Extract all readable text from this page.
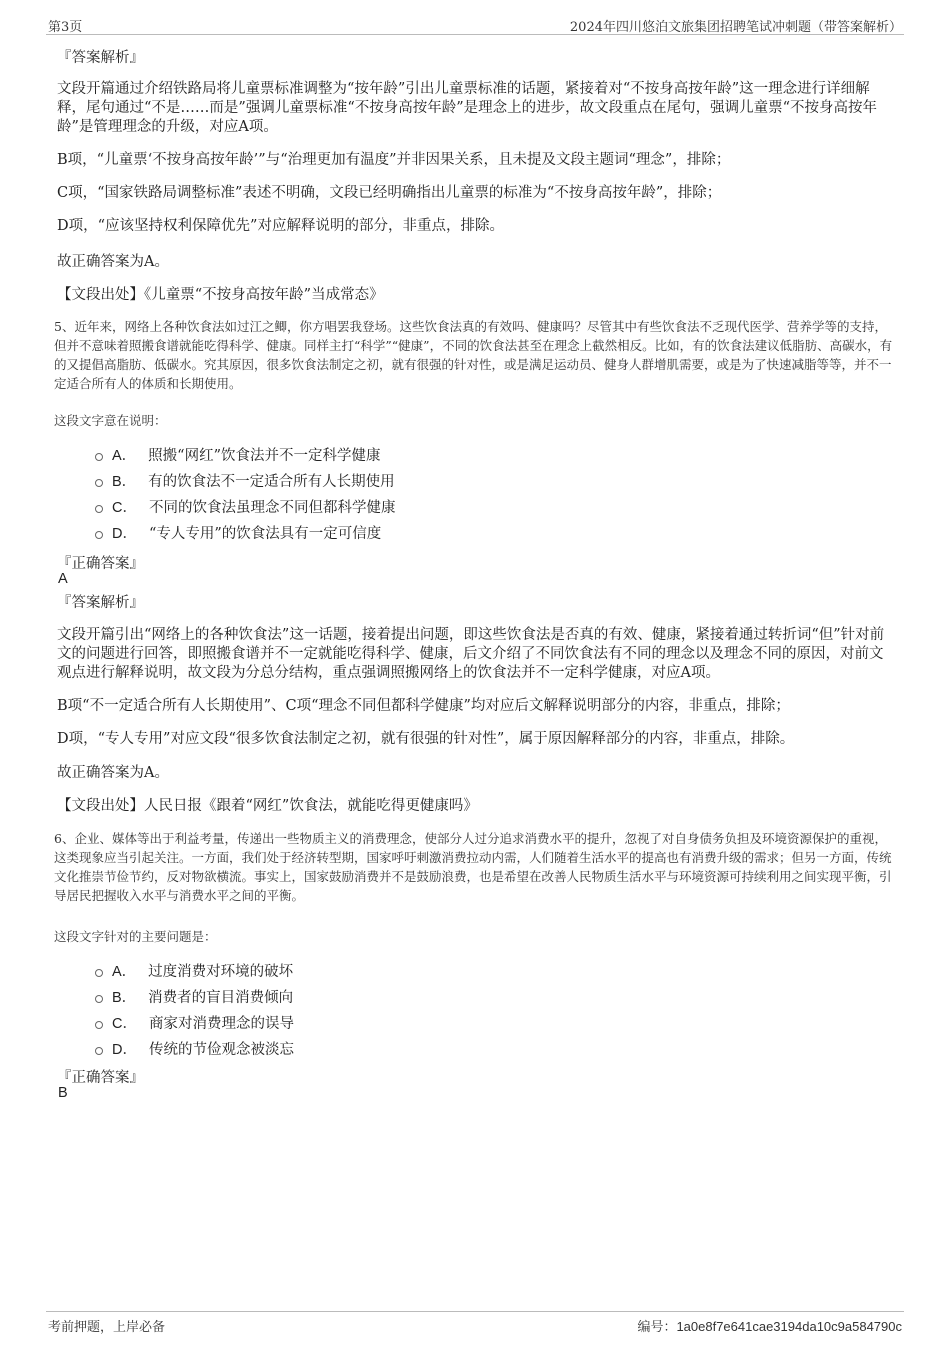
第3页	2024年四川悠泊文旅集团招聘笔试冲刺题（带答案解析）
『答案解析』
文段开篇通过介绍铁路局将儿童票标准调整为“按年龄”引出儿童票标准的话题，紧接着对“不按身高按年龄”这一理念进行详细解释，尾句通过“不是……而是”强调儿童票标准“不按身高按年龄”是理念上的进步，故文段重点在尾句，强调儿童票“不按身高按年龄”是管理理念的升级，对应A项。
B项，“儿童票‘不按身高按年龄’”与“治理更加有温度”并非因果关系，且未提及文段主题词“理念”，排除；
C项，“国家铁路局调整标准”表述不明确，文段已经明确指出儿童票的标准为“不按身高按年龄”，排除；
D项，“应该坚持权利保障优先”对应解释说明的部分，非重点，排除。
故正确答案为A。
【文段出处】《儿童票“不按身高按年龄”当成常态》
5、近年来，网络上各种饮食法如过江之鲫，你方唱罢我登场。这些饮食法真的有效吗、健康吗？尽管其中有些饮食法不乏现代医学、营养学等的支持，但并不意味着照搬食谱就能吃得科学、健康。同样主打“科学”“健康”，不同的饮食法甚至在理念上截然相反。比如，有的饮食法建议低脂肪、高碳水，有的又提倡高脂肪、低碳水。究其原因，很多饮食法制定之初，就有很强的针对性，或是满足运动员、健身人群增肌需要，或是为了快速减脂等等，并不一定适合所有人的体质和长期使用。
这段文字意在说明：
A． 照搬“网红”饮食法并不一定科学健康
B． 有的饮食法不一定适合所有人长期使用
C． 不同的饮食法虽理念不同但都科学健康
D． “专人专用”的饮食法具有一定可信度
『正确答案』
A
『答案解析』
文段开篇引出“网络上的各种饮食法”这一话题，接着提出问题，即这些饮食法是否真的有效、健康，紧接着通过转折词“但”针对前文的问题进行回答，即照搬食谱并不一定就能吃得科学、健康，后文介绍了不同饮食法有不同的理念以及理念不同的原因，对前文观点进行解释说明，故文段为分总分结构，重点强调照搬网络上的饮食法并不一定科学健康，对应A项。
B项“不一定适合所有人长期使用”、C项“理念不同但都科学健康”均对应后文解释说明部分的内容，非重点，排除；
D项，“专人专用”对应文段“很多饮食法制定之初，就有很强的针对性”，属于原因解释部分的内容，非重点，排除。
故正确答案为A。
【文段出处】人民日报《跟着“网红”饮食法，就能吃得更健康吗》
6、企业、媒体等出于利益考量，传递出一些物质主义的消费理念，使部分人过分追求消费水平的提升，忽视了对自身债务负担及环境资源保护的重视，这类现象应当引起关注。一方面，我们处于经济转型期，国家呼吁刺激消费拉动内需，人们随着生活水平的提高也有消费升级的需求；但另一方面，传统文化推崇节俭节约，反对物欲横流。事实上，国家鼓励消费并不是鼓励浪费，也是希望在改善人民物质生活水平与环境资源可持续利用之间实现平衡，引导居民把握收入水平与消费水平之间的平衡。
这段文字针对的主要问题是：
A． 过度消费对环境的破坏
B． 消费者的盲目消费倾向
C． 商家对消费理念的误导
D． 传统的节俭观念被淡忘
『正确答案』
B
考前押题，上岸必备	编号：1a0e8f7e641cae3194da10c9a584790c
